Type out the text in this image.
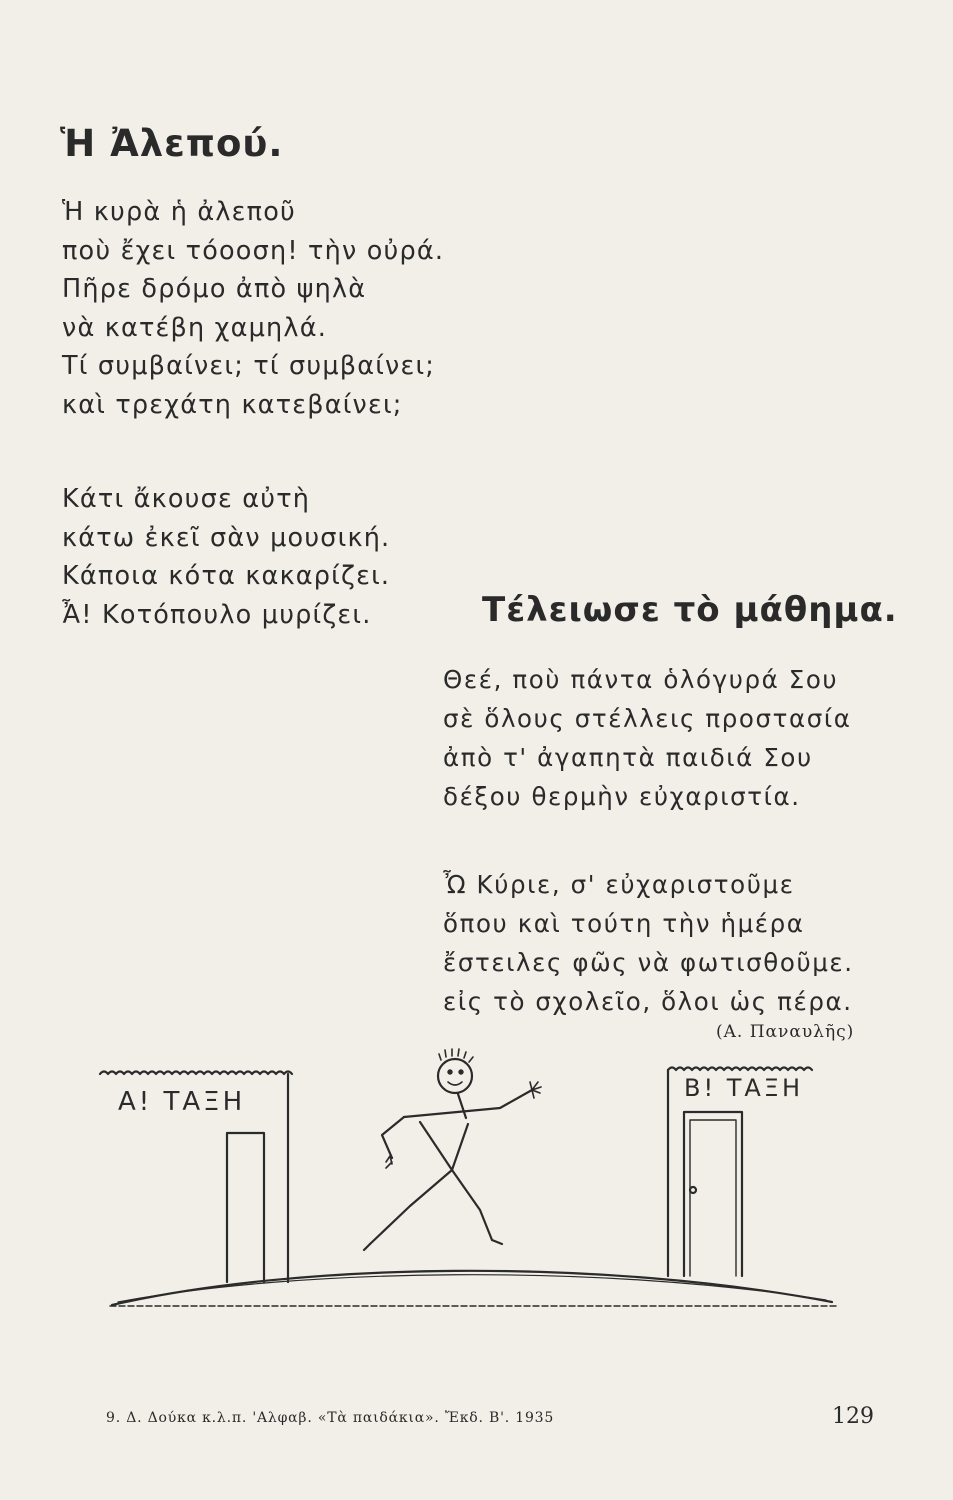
Ἡ Ἀλεπού.
Ἡ κυρὰ ἡ ἀλεποῦ
ποὺ ἔχει τόοοση! τὴν οὐρά.
Πῆρε δρόμο ἀπὸ ψηλὰ
νὰ κατέβη χαμηλά.
Τί συμβαίνει; τί συμβαίνει;
καὶ τρεχάτη κατεβαίνει;
Κάτι ἄκουσε αὐτὴ
κάτω ἐκεῖ σὰν μουσική.
Κάποια κότα κακαρίζει.
Ἆ! Κοτόπουλο μυρίζει.	Τέλειωσε τὸ μάθημα.
Θεέ, ποὺ πάντα ὁλόγυρά Σου
σὲ ὅλους στέλλεις προστασία
ἀπὸ τ' ἀγαπητὰ παιδιά Σου
δέξου θερμὴν εὐχαριστία.
Ὦ Κύριε, σ' εὐχαριστοῦμε
ὅπου καὶ τούτη τὴν ἡμέρα
ἔστειλες φῶς νὰ φωτισθοῦμε.
εἰς τὸ σχολεῖο, ὅλοι ὡς πέρα.
(Α. Παναυλῆς)
Α! ΤΑΞΗ	Β! ΤΑΞΗ
9. Δ. Δούκα κ.λ.π. 'Αλφαβ. «Τὰ παιδάκια». Ἔκδ. Β'. 1935	129
